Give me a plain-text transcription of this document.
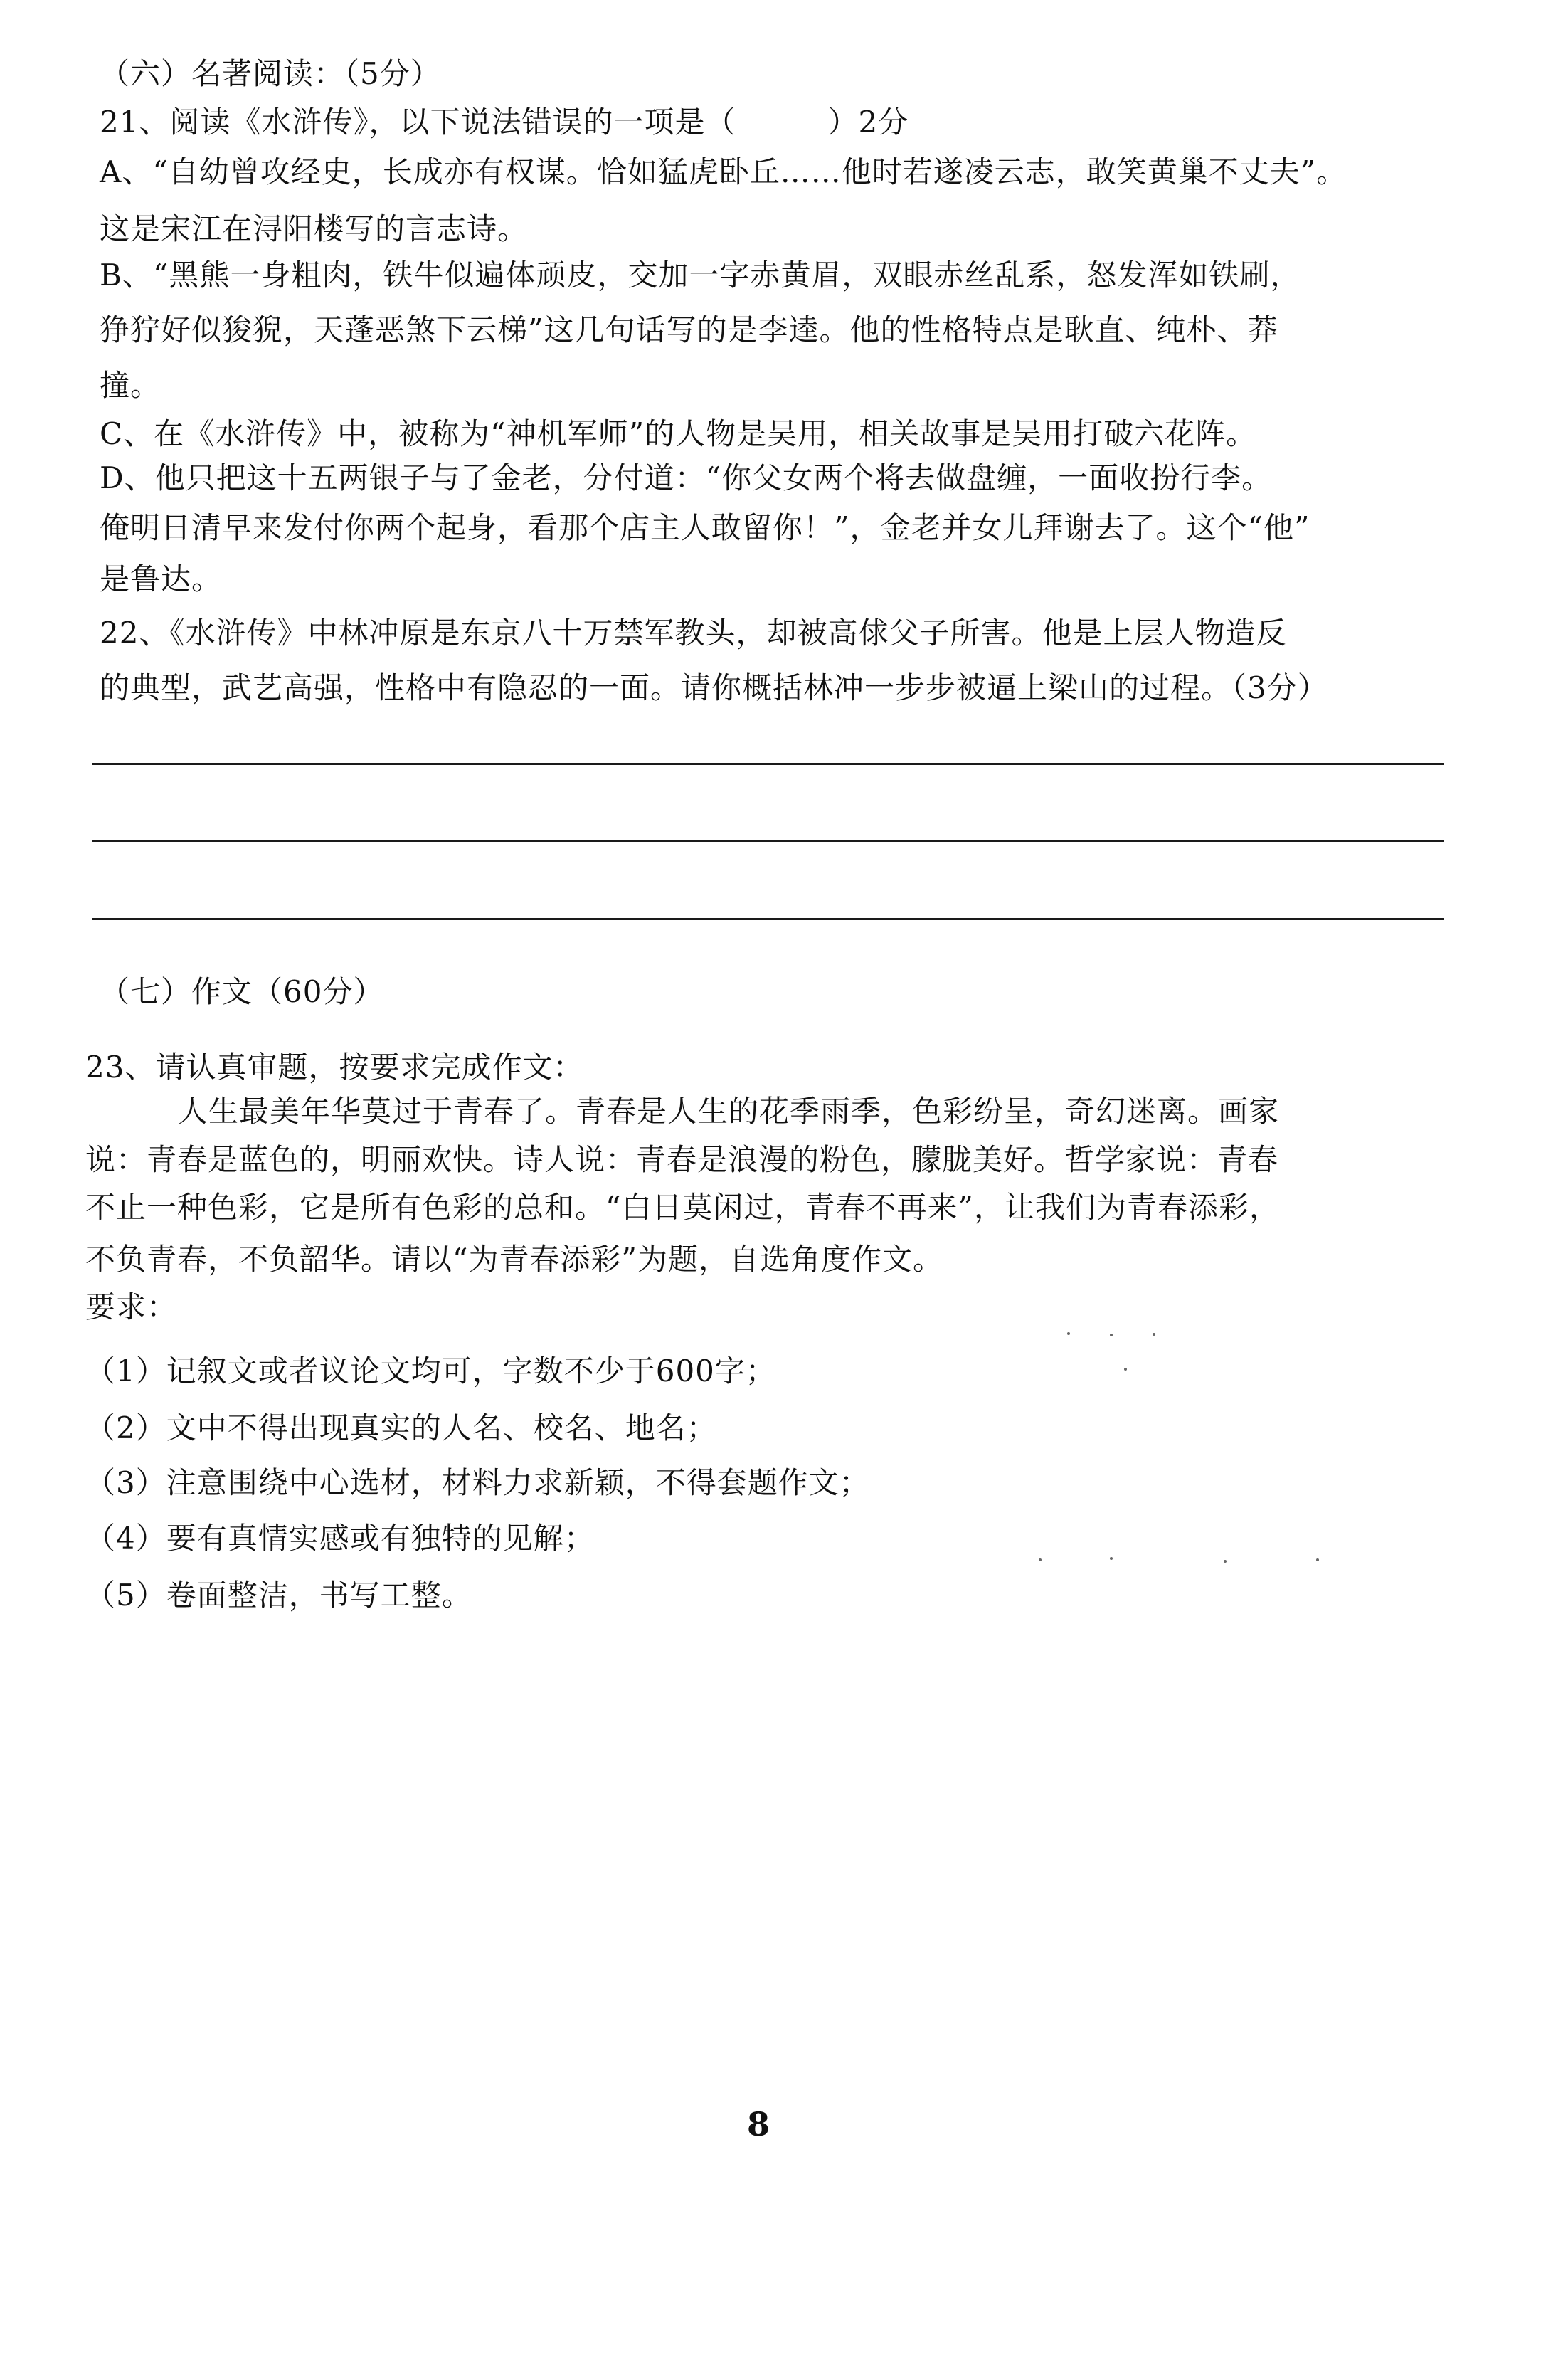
（六）名著阅读：（5分）
21、阅读《水浒传》，以下说法错误的一项是（　　　）2分
A、“自幼曾攻经史，长成亦有权谋。恰如猛虎卧丘……他时若遂凌云志，敢笑黄巢不丈夫”。
这是宋江在浔阳楼写的言志诗。
B、“黑熊一身粗肉，铁牛似遍体顽皮，交加一字赤黄眉，双眼赤丝乱系，怒发浑如铁刷，
狰狞好似狻猊，天蓬恶煞下云梯”这几句话写的是李逵。他的性格特点是耿直、纯朴、莽
撞。
C、在《水浒传》中，被称为“神机军师”的人物是吴用，相关故事是吴用打破六花阵。
D、他只把这十五两银子与了金老，分付道：“你父女两个将去做盘缠，一面收扮行李。
俺明日清早来发付你两个起身，看那个店主人敢留你！”，金老并女儿拜谢去了。这个“他”
是鲁达。
22、《水浒传》中林冲原是东京八十万禁军教头，却被高俅父子所害。他是上层人物造反
的典型，武艺高强，性格中有隐忍的一面。请你概括林冲一步步被逼上梁山的过程。（3分）
（七）作文（60分）
23、请认真审题，按要求完成作文：
人生最美年华莫过于青春了。青春是人生的花季雨季，色彩纷呈，奇幻迷离。画家
说：青春是蓝色的，明丽欢快。诗人说：青春是浪漫的粉色，朦胧美好。哲学家说：青春
不止一种色彩，它是所有色彩的总和。“白日莫闲过，青春不再来”，让我们为青春添彩，
不负青春，不负韶华。请以“为青春添彩”为题，自选角度作文。
要求：
（1）记叙文或者议论文均可，字数不少于600字；
（2）文中不得出现真实的人名、校名、地名；
（3）注意围绕中心选材，材料力求新颖，不得套题作文；
（4）要有真情实感或有独特的见解；
（5）卷面整洁，书写工整。
8
